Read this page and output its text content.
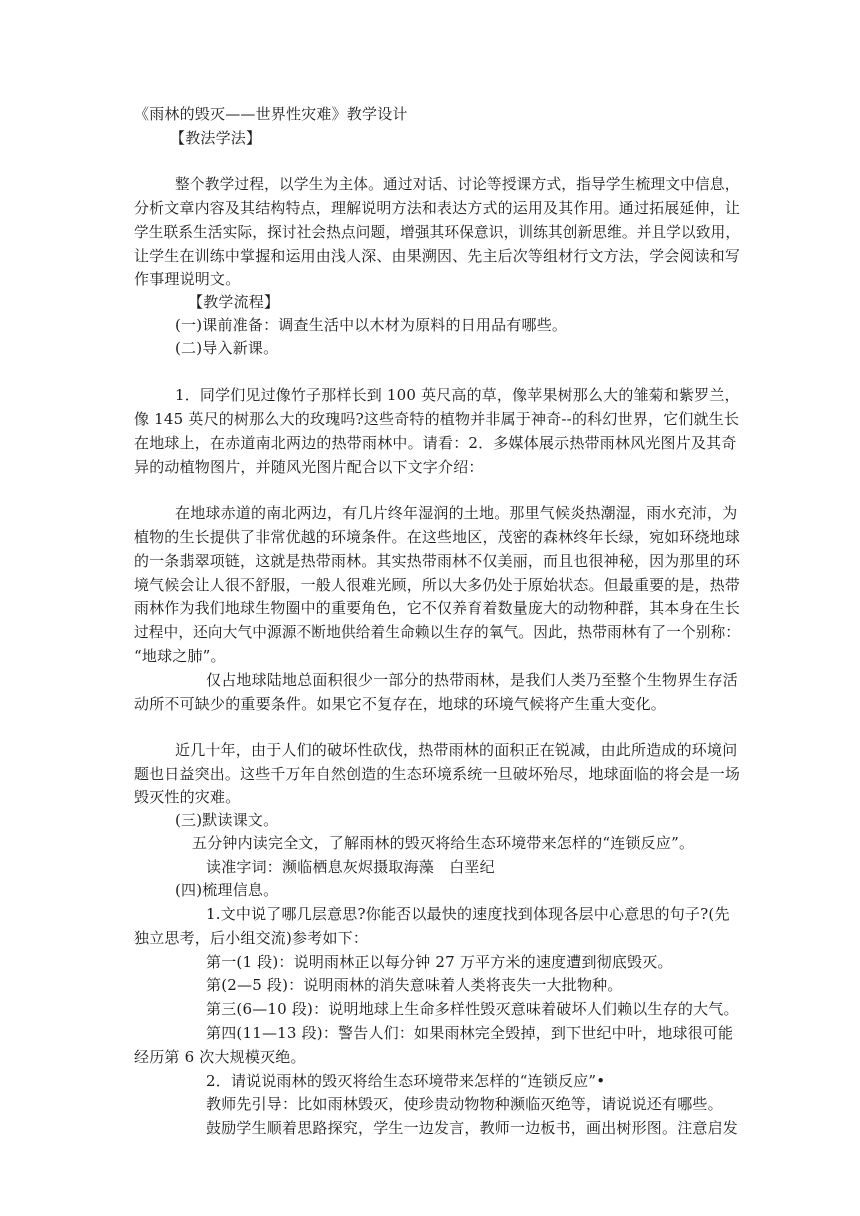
《雨林的毁灭——世界性灾难》教学设计
【教法学法】
整个教学过程，以学生为主体。通过对话、讨论等授课方式，指导学生梳理文中信息，
分析文章内容及其结构特点，理解说明方法和表达方式的运用及其作用。通过拓展延伸，让
学生联系生活实际，探讨社会热点问题，增强其环保意识，训练其创新思维。并且学以致用，
让学生在训练中掌握和运用由浅人深、由果溯因、先主后次等组材行文方法，学会阅读和写
作事理说明文。
【教学流程】
(一)课前准备：调查生活中以木材为原料的日用品有哪些。
(二)导入新课。
1．同学们见过像竹子那样长到 100 英尺高的草，像苹果树那么大的雏菊和紫罗兰，
像 145 英尺的树那么大的玫瑰吗?这些奇特的植物并非属于神奇--的科幻世界，它们就生长
在地球上，在赤道南北两边的热带雨林中。请看：2．多媒体展示热带雨林风光图片及其奇
异的动植物图片，并随风光图片配合以下文字介绍：
在地球赤道的南北两边，有几片终年湿润的土地。那里气候炎热潮湿，雨水充沛，为
植物的生长提供了非常优越的环境条件。在这些地区，茂密的森林终年长绿，宛如环绕地球
的一条翡翠项链，这就是热带雨林。其实热带雨林不仅美丽，而且也很神秘，因为那里的环
境气候会让人很不舒服，一般人很难光顾，所以大多仍处于原始状态。但最重要的是，热带
雨林作为我们地球生物圈中的重要角色，它不仅养育着数量庞大的动物种群，其本身在生长
过程中，还向大气中源源不断地供给着生命赖以生存的氧气。因此，热带雨林有了一个别称：
“地球之肺”。
仅占地球陆地总面积很少一部分的热带雨林，是我们人类乃至整个生物界生存活
动所不可缺少的重要条件。如果它不复存在，地球的环境气候将产生重大变化。
近几十年，由于人们的破坏性砍伐，热带雨林的面积正在锐减，由此所造成的环境问
题也日益突出。这些千万年自然创造的生态环境系统一旦破坏殆尽，地球面临的将会是一场
毁灭性的灾难。
(三)默读课文。
五分钟内读完全文，了解雨林的毁灭将给生态环境带来怎样的“连锁反应”。
读准字词：濒临栖息灰烬摄取海藻　白垩纪
(四)梳理信息。
1.文中说了哪几层意思?你能否以最快的速度找到体现各层中心意思的句子?(先
独立思考，后小组交流)参考如下：
第一(1 段)：说明雨林正以每分钟 27 万平方米的速度遭到彻底毁灭。
第(2—5 段)：说明雨林的消失意味着人类将丧失一大批物种。
第三(6—10 段)：说明地球上生命多样性毁灭意味着破坏人们赖以生存的大气。
第四(11—13 段)：警告人们：如果雨林完全毁掉，到下世纪中叶，地球很可能
经历第 6 次大规模灭绝。
2．请说说雨林的毁灭将给生态环境带来怎样的“连锁反应”•
教师先引导：比如雨林毁灭，使珍贵动物物种濒临灭绝等，请说说还有哪些。
鼓励学生顺着思路探究，学生一边发言，教师一边板书，画出树形图。注意启发
